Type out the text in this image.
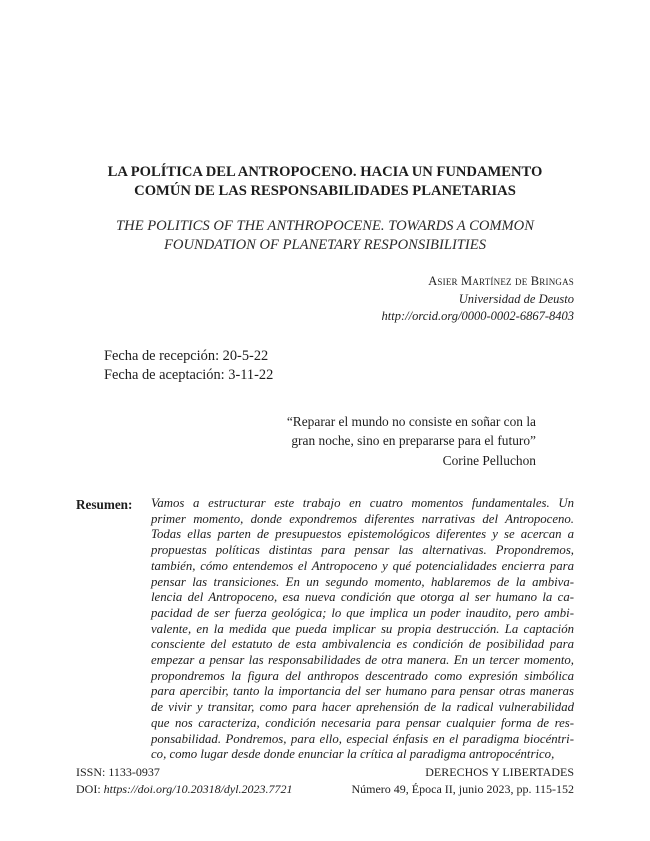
LA POLÍTICA DEL ANTROPOCENO. HACIA UN FUNDAMENTO
COMÚN DE LAS RESPONSABILIDADES PLANETARIAS
THE POLITICS OF THE ANTHROPOCENE. TOWARDS A COMMON
FOUNDATION OF PLANETARY RESPONSIBILITIES
Asier Martínez de Bringas
Universidad de Deusto
http://orcid.org/0000-0002-6867-8403
Fecha de recepción: 20-5-22
Fecha de aceptación: 3-11-22
“Reparar el mundo no consiste en soñar con la
gran noche, sino en prepararse para el futuro”
Corine Pelluchon
Resumen: Vamos a estructurar este trabajo en cuatro momentos fundamentales. Un
primer momento, donde expondremos diferentes narrativas del Antropoceno.
Todas ellas parten de presupuestos epistemológicos diferentes y se acercan a
propuestas políticas distintas para pensar las alternativas. Propondremos,
también, cómo entendemos el Antropoceno y qué potencialidades encierra para
pensar las transiciones. En un segundo momento, hablaremos de la ambiva-
lencia del Antropoceno, esa nueva condición que otorga al ser humano la ca-
pacidad de ser fuerza geológica; lo que implica un poder inaudito, pero ambi-
valente, en la medida que pueda implicar su propia destrucción. La captación
consciente del estatuto de esta ambivalencia es condición de posibilidad para
empezar a pensar las responsabilidades de otra manera. En un tercer momento,
propondremos la figura del anthropos descentrado como expresión simbólica
para apercibir, tanto la importancia del ser humano para pensar otras maneras
de vivir y transitar, como para hacer aprehensión de la radical vulnerabilidad
que nos caracteriza, condición necesaria para pensar cualquier forma de res-
ponsabilidad. Pondremos, para ello, especial énfasis en el paradigma biocéntri-
co, como lugar desde donde enunciar la crítica al paradigma antropocéntrico,
ISSN: 1133-0937
DOI: https://doi.org/10.20318/dyl.2023.7721
DERECHOS Y LIBERTADES
Número 49, Época II, junio 2023, pp. 115-152
